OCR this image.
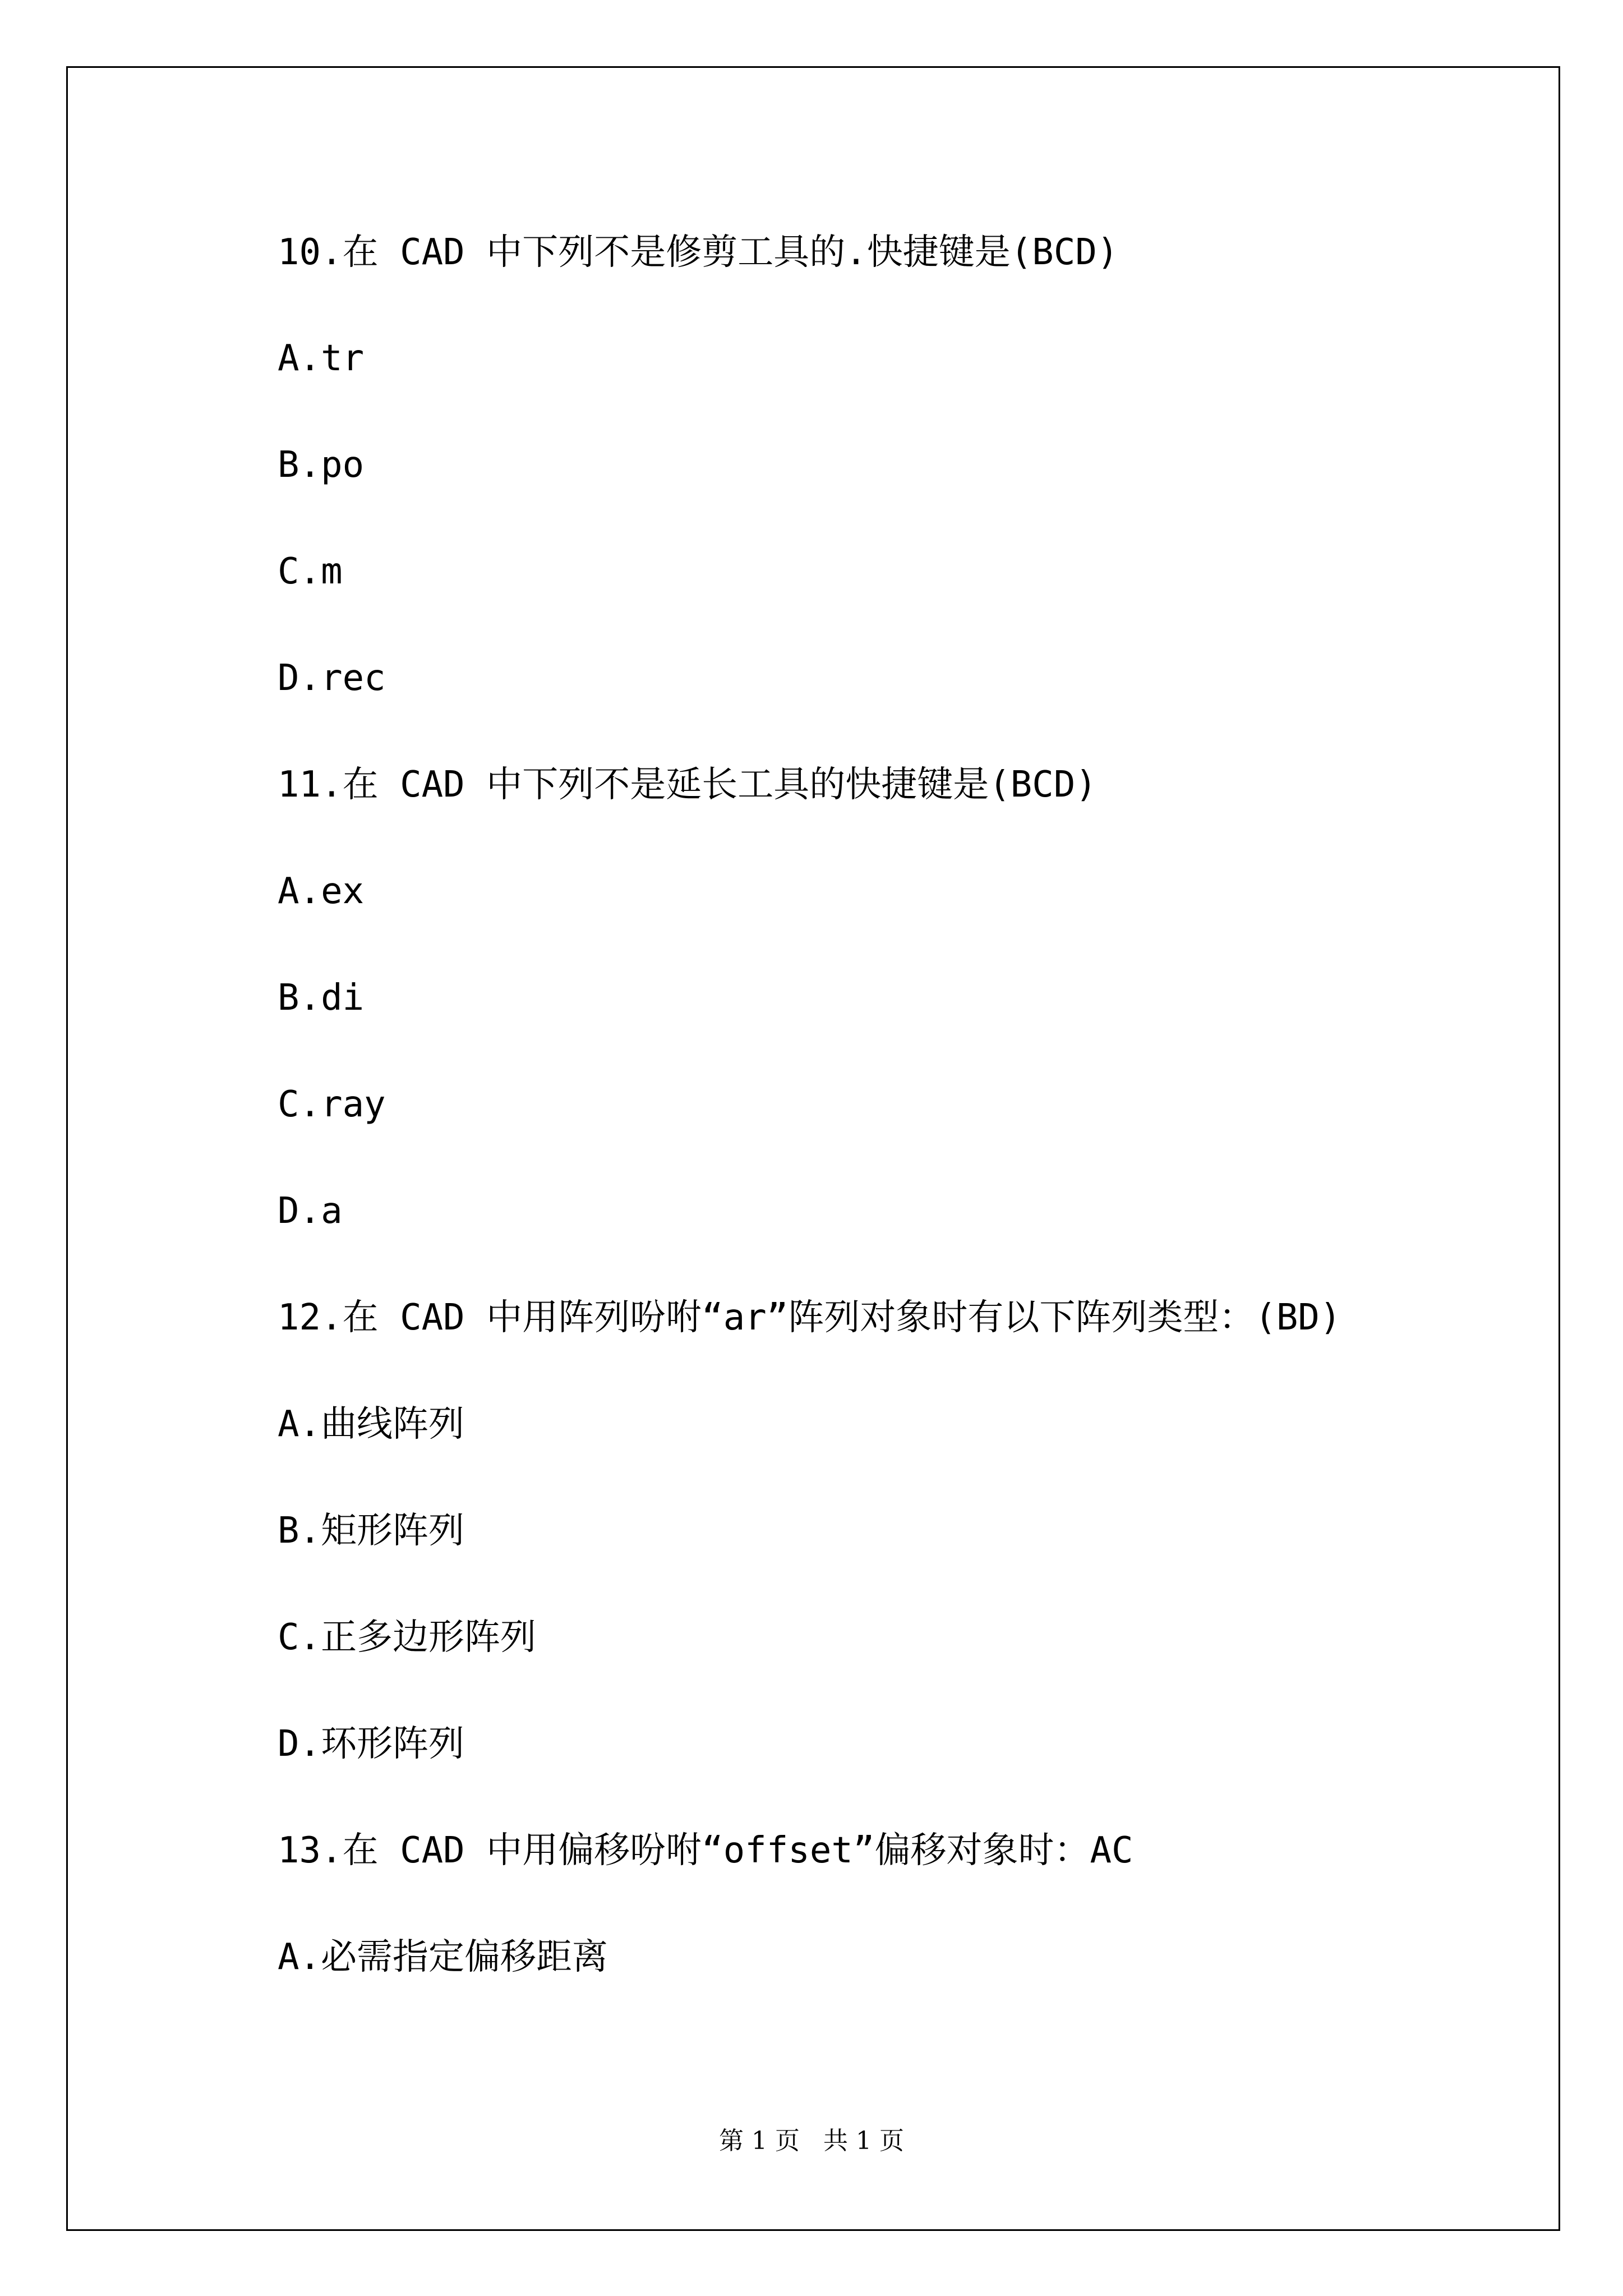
10.在 CAD 中下列不是修剪工具的.快捷键是(BCD)

A.tr

B.po

C.m

D.rec

11.在 CAD 中下列不是延长工具的快捷键是(BCD)

A.ex

B.di

C.ray

D.a

12.在 CAD 中用阵列吩咐“ar”阵列对象时有以下阵列类型：(BD)

A.曲线阵列

B.矩形阵列

C.正多边形阵列

D.环形阵列

13.在 CAD 中用偏移吩咐“offset”偏移对象时：AC

A.必需指定偏移距离

第 1 页   共 1 页
